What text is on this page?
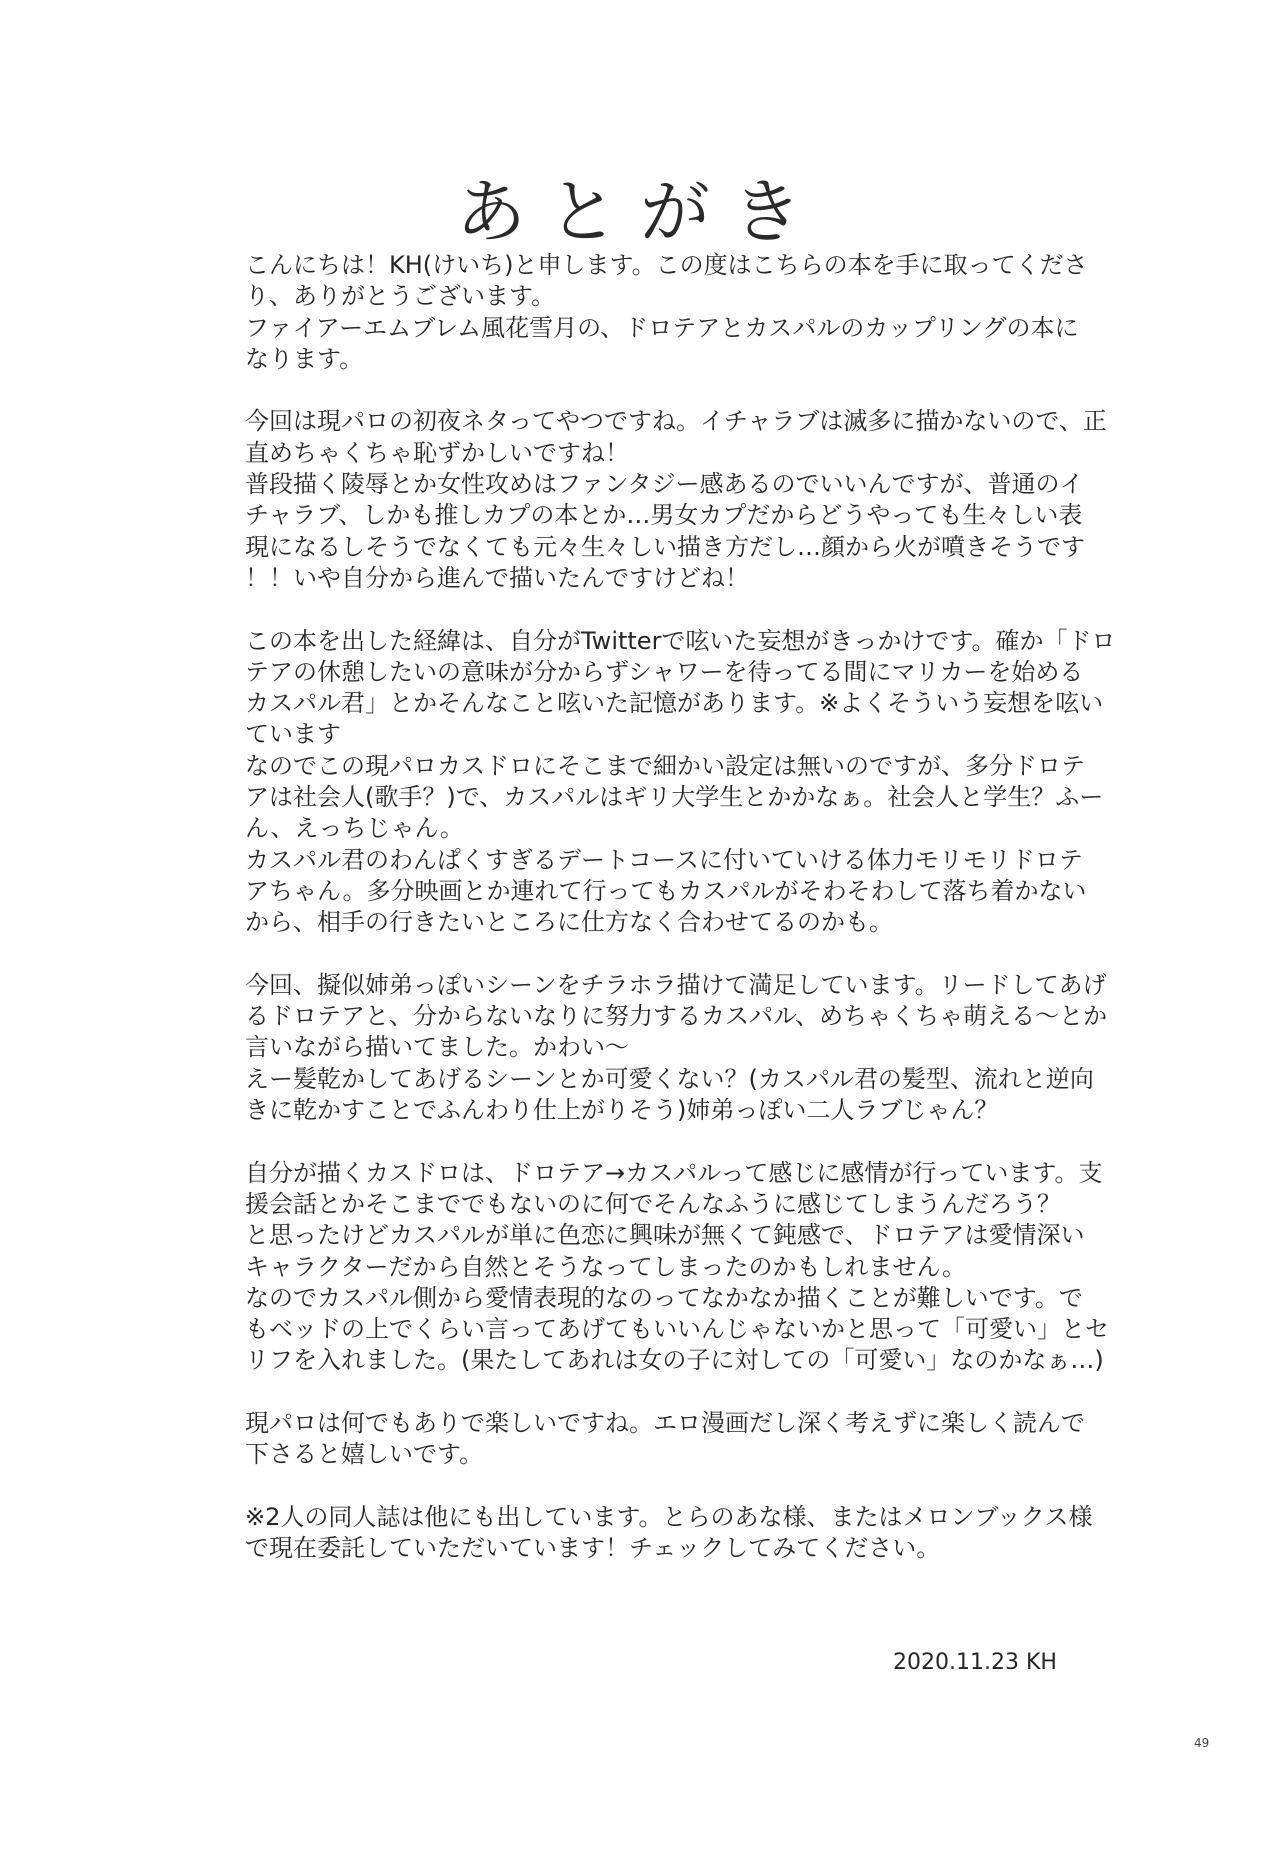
あとがき

こんにちは！KH(けいち)と申します。この度はこちらの本を手に取ってくださ
り、ありがとうございます。
ファイアーエムブレム風花雪月の、ドロテアとカスパルのカップリングの本に
なります。

今回は現パロの初夜ネタってやつですね。イチャラブは滅多に描かないので、正
直めちゃくちゃ恥ずかしいですね！
普段描く陵辱とか女性攻めはファンタジー感あるのでいいんですが、普通のイ
チャラブ、しかも推しカプの本とか…男女カプだからどうやっても生々しい表
現になるしそうでなくても元々生々しい描き方だし…顔から火が噴きそうです
！！いや自分から進んで描いたんですけどね！

この本を出した経緯は、自分がTwitterで呟いた妄想がきっかけです。確か「ドロ
テアの休憩したいの意味が分からずシャワーを待ってる間にマリカーを始める
カスパル君」とかそんなこと呟いた記憶があります。※よくそういう妄想を呟い
ています
なのでこの現パロカスドロにそこまで細かい設定は無いのですが、多分ドロテ
アは社会人(歌手？)で、カスパルはギリ大学生とかかなぁ。社会人と学生？ふー
ん、えっちじゃん。
カスパル君のわんぱくすぎるデートコースに付いていける体力モリモリドロテ
アちゃん。多分映画とか連れて行ってもカスパルがそわそわして落ち着かない
から、相手の行きたいところに仕方なく合わせてるのかも。

今回、擬似姉弟っぽいシーンをチラホラ描けて満足しています。リードしてあげ
るドロテアと、分からないなりに努力するカスパル、めちゃくちゃ萌える～とか
言いながら描いてました。かわい～
えー髪乾かしてあげるシーンとか可愛くない？(カスパル君の髪型、流れと逆向
きに乾かすことでふんわり仕上がりそう)姉弟っぽい二人ラブじゃん？

自分が描くカスドロは、ドロテア→カスパルって感じに感情が行っています。支
援会話とかそこまででもないのに何でそんなふうに感じてしまうんだろう？
と思ったけどカスパルが単に色恋に興味が無くて鈍感で、ドロテアは愛情深い
キャラクターだから自然とそうなってしまったのかもしれません。
なのでカスパル側から愛情表現的なのってなかなか描くことが難しいです。で
もベッドの上でくらい言ってあげてもいいんじゃないかと思って「可愛い」とセ
リフを入れました。(果たしてあれは女の子に対しての「可愛い」なのかなぁ…)

現パロは何でもありで楽しいですね。エロ漫画だし深く考えずに楽しく読んで
下さると嬉しいです。

※2人の同人誌は他にも出しています。とらのあな様、またはメロンブックス様
で現在委託していただいています！チェックしてみてください。

2020.11.23 KH
49
